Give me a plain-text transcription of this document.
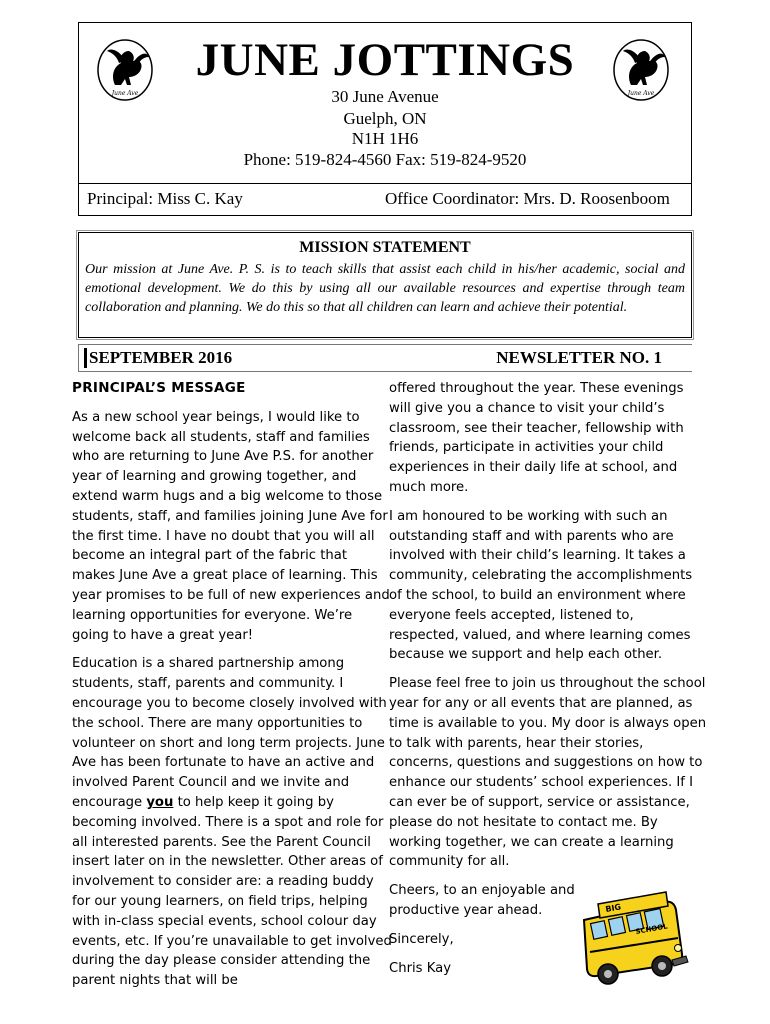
June Ave
JUNE JOTTINGS
30 June Avenue
Guelph, ON
N1H 1H6
Phone: 519-824-4560 Fax: 519-824-9520
June Ave
Principal: Miss C. Kay	Office Coordinator: Mrs. D. Roosenboom
MISSION STATEMENT
Our mission at June Ave. P. S. is to teach skills that assist each child in his/her academic, social and emotional development. We do this by using all our available resources and expertise through team collaboration and planning. We do this so that all children can learn and achieve their potential.
SEPTEMBER 2016	NEWSLETTER NO. 1

PRINCIPAL’S MESSAGE

As a new school year beings, I would like to welcome back all students, staff and families who are returning to June Ave P.S. for another year of learning and growing together, and extend warm hugs and a big welcome to those students, staff, and families joining June Ave for the first time. I have no doubt that you will all become an integral part of the fabric that makes June Ave a great place of learning. This year promises to be full of new experiences and learning opportunities for everyone. We’re going to have a great year!

Education is a shared partnership among students, staff, parents and community. I encourage you to become closely involved with the school. There are many opportunities to volunteer on short and long term projects. June Ave has been fortunate to have an active and involved Parent Council and we invite and encourage you to help keep it going by becoming involved. There is a spot and role for all interested parents. See the Parent Council insert later on in the newsletter. Other areas of involvement to consider are: a reading buddy for our young learners, on field trips, helping with in-class special events, school colour day events, etc. If you’re unavailable to get involved during the day please consider attending the parent nights that will be

offered throughout the year. These evenings will give you a chance to visit your child’s classroom, see their teacher, fellowship with friends, participate in activities your child experiences in their daily life at school, and much more.

I am honoured to be working with such an outstanding staff and with parents who are involved with their child’s learning. It takes a community, celebrating the accomplishments of the school, to build an environment where everyone feels accepted, listened to, respected, valued, and where learning comes because we support and help each other.

Please feel free to join us throughout the school year for any or all events that are planned, as time is available to you. My door is always open to talk with parents, hear their stories, concerns, questions and suggestions on how to enhance our students’ school experiences. If I can ever be of support, service or assistance, please do not hesitate to contact me. By working together, we can create a learning community for all.

Cheers, to an enjoyable and productive year ahead.

Sincerely,

Chris Kay

BIG
SCHOOL
